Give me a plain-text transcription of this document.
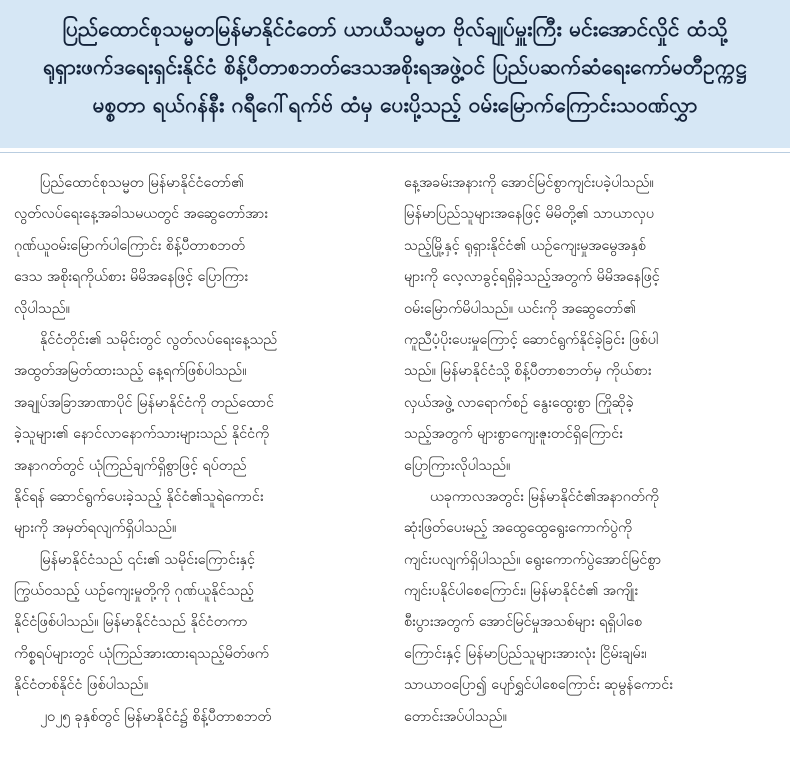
ပြည်ထောင်စုသမ္မတမြန်မာနိုင်ငံတော် ယာယီသမ္မတ ဗိုလ်ချုပ်မှူးကြီး မင်းအောင်လှိုင် ထံသို့
ရုရှားဖက်ဒရေးရှင်းနိုင်ငံ စိန့်ပီတာစဘတ်ဒေသအစိုးရအဖွဲ့ဝင် ပြည်ပဆက်ဆံရေးကော်မတီဥက္ကဋ္ဌ
မစ္စတာ ရယ်ဂန်နီး ဂရီဂေါ်ရက်ဗ် ထံမှ ပေးပို့သည့် ဝမ်းမြောက်ကြောင်းသဝဏ်လွှာ
ပြည်ထောင်စုသမ္မတ မြန်မာနိုင်ငံတော်၏
လွတ်လပ်ရေးနေ့အခါသမယတွင် အဆွေတော်အား
ဂုဏ်ယူဝမ်းမြောက်ပါကြောင်း စိန့်ပီတာစဘတ်
ဒေသ အစိုးရကိုယ်စား မိမိအနေဖြင့် ပြောကြား
လိုပါသည်။
နိုင်ငံတိုင်း၏ သမိုင်းတွင် လွတ်လပ်ရေးနေ့သည်
အထွတ်အမြတ်ထားသည့် နေ့ရက်ဖြစ်ပါသည်။
အချုပ်အခြာအာဏာပိုင် မြန်မာနိုင်ငံကို တည်ထောင်
ခဲ့သူများ၏ နောင်လာနောက်သားများသည် နိုင်ငံကို
အနာဂတ်တွင် ယုံကြည်ချက်ရှိစွာဖြင့် ရပ်တည်
နိုင်ရန် ဆောင်ရွက်ပေးခဲ့သည့် နိုင်ငံ၏သူရဲကောင်း
များကို အမှတ်ရလျက်ရှိပါသည်။
မြန်မာနိုင်ငံသည် ၎င်း၏ သမိုင်းကြောင်းနှင့်
ကြွယ်ဝသည့် ယဉ်ကျေးမှုတို့ကို ဂုဏ်ယူနိုင်သည့်
နိုင်ငံဖြစ်ပါသည်။ မြန်မာနိုင်ငံသည် နိုင်ငံတကာ
ကိစ္စရပ်များတွင် ယုံကြည်အားထားရသည့်မိတ်ဖက်
နိုင်ငံတစ်နိုင်ငံ ဖြစ်ပါသည်။
၂၀၂၅ ခုနှစ်တွင် မြန်မာနိုင်ငံ၌ စိန့်ပီတာစဘတ်
နေ့အခမ်းအနားကို အောင်မြင်စွာကျင်းပခဲ့ပါသည်။
မြန်မာပြည်သူများအနေဖြင့် မိမိတို့၏ သာယာလှပ
သည့်မြို့နှင့် ရုရှားနိုင်ငံ၏ ယဉ်ကျေးမှုအမွေအနှစ်
များကို လေ့လာခွင့်ရရှိခဲ့သည့်အတွက် မိမိအနေဖြင့်
ဝမ်းမြောက်မိပါသည်။ ယင်းကို အဆွေတော်၏
ကူညီပံ့ပိုးပေးမှုကြောင့် ဆောင်ရွက်နိုင်ခဲ့ခြင်း ဖြစ်ပါ
သည်။ မြန်မာနိုင်ငံသို့ စိန့်ပီတာစဘတ်မှ ကိုယ်စား
လှယ်အဖွဲ့ လာရောက်စဉ် နွေးထွေးစွာ ကြိုဆိုခဲ့
သည့်အတွက် များစွာကျေးဇူးတင်ရှိကြောင်း
ပြောကြားလိုပါသည်။
ယခုကာလအတွင်း မြန်မာနိုင်ငံ၏အနာဂတ်ကို
ဆုံးဖြတ်ပေးမည့် အထွေထွေရွေးကောက်ပွဲကို
ကျင်းပလျက်ရှိပါသည်။ ရွေးကောက်ပွဲအောင်မြင်စွာ
ကျင်းပနိုင်ပါစေကြောင်း၊ မြန်မာနိုင်ငံ၏ အကျိုး
စီးပွားအတွက် အောင်မြင်မှုအသစ်များ ရရှိပါစေ
ကြောင်းနှင့် မြန်မာပြည်သူများအားလုံး ငြိမ်းချမ်း၊
သာယာဝပြော၍ ပျော်ရွှင်ပါစေကြောင်း ဆုမွန်ကောင်း
တောင်းအပ်ပါသည်။
